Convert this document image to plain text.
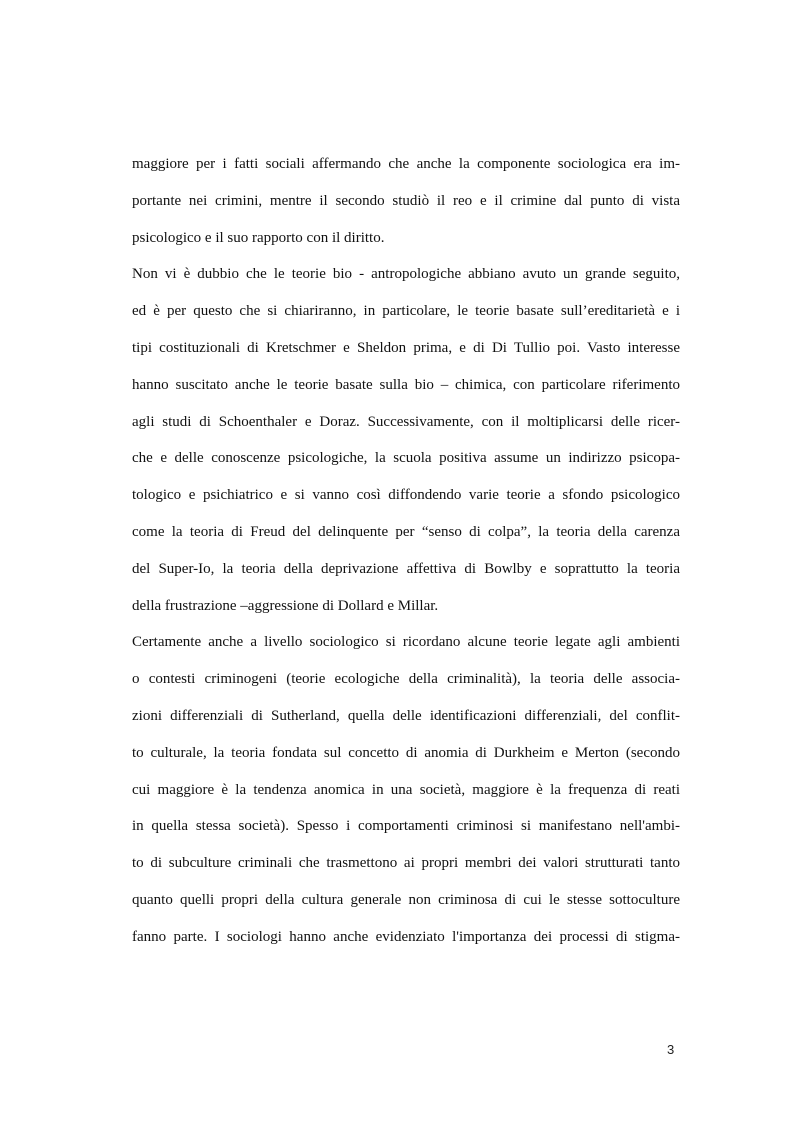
maggiore per i fatti sociali affermando che anche la componente sociologica era im-

portante nei crimini, mentre il secondo studiò il reo e il crimine dal punto di vista

psicologico e il suo rapporto con il diritto.

Non vi è dubbio che le teorie bio - antropologiche abbiano avuto un grande seguito,

ed è per questo che si chiariranno, in particolare, le teorie basate sull’ereditarietà e i

tipi costituzionali di Kretschmer e Sheldon prima, e di Di Tullio poi. Vasto interesse

hanno suscitato anche le teorie basate sulla bio – chimica, con particolare riferimento

agli studi di Schoenthaler e Doraz. Successivamente, con il moltiplicarsi delle ricer-

che e delle conoscenze psicologiche, la scuola positiva assume un indirizzo psicopa-

tologico e psichiatrico e si vanno così diffondendo varie teorie a sfondo psicologico

come la teoria di Freud del delinquente per “senso di colpa”, la teoria della carenza

del Super-Io, la teoria della deprivazione affettiva di Bowlby e soprattutto la teoria

della frustrazione –aggressione di Dollard e Millar.

Certamente anche a livello sociologico si ricordano alcune teorie legate agli ambienti

o contesti criminogeni (teorie ecologiche della criminalità), la teoria delle associa-

zioni differenziali di Sutherland, quella delle identificazioni differenziali, del conflit-

to culturale, la teoria fondata sul concetto di anomia di Durkheim e Merton (secondo

cui maggiore è la tendenza anomica in una società, maggiore è la frequenza di reati

in quella stessa società). Spesso i comportamenti criminosi si manifestano nell'ambi-

to di subculture criminali che trasmettono ai propri membri dei valori strutturati tanto

quanto quelli propri della cultura generale non criminosa di cui le stesse sottoculture

fanno parte. I sociologi hanno anche evidenziato l'importanza dei processi di stigma-

3
